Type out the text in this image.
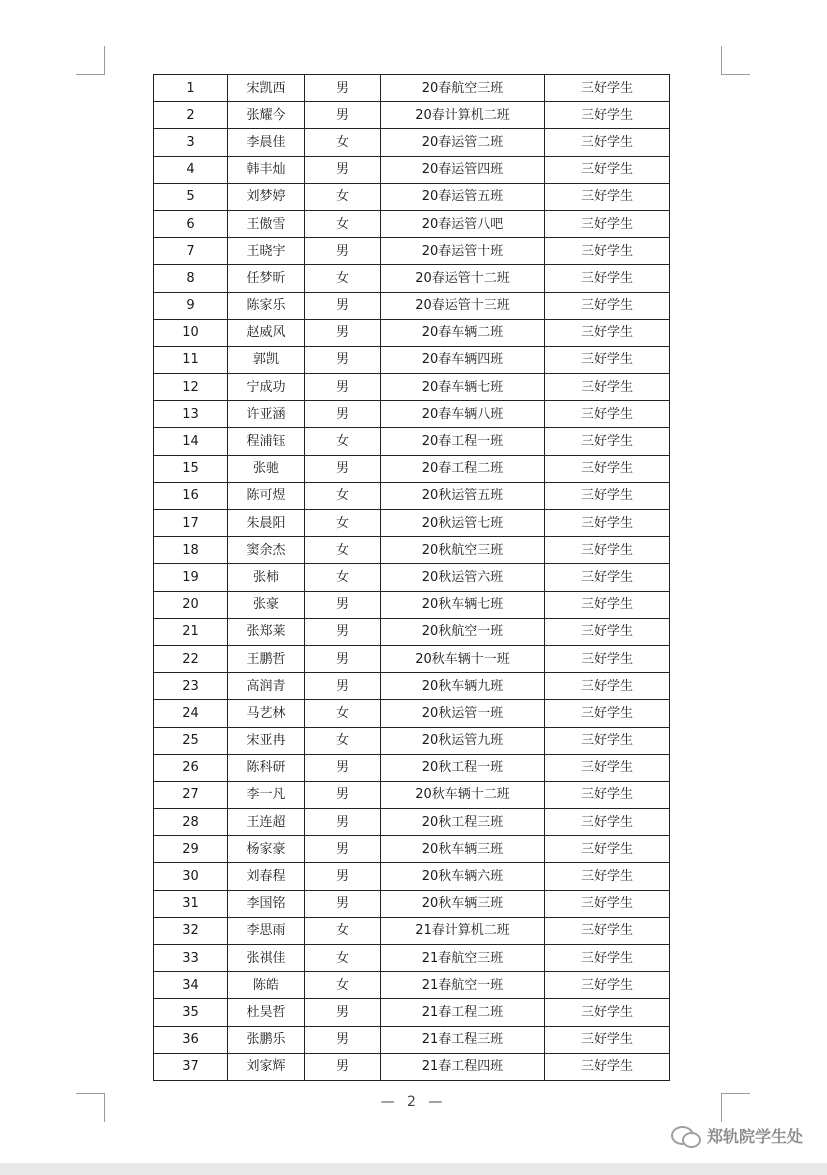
1	宋凯西	男	20春航空三班	三好学生
2	张耀今	男	20春计算机二班	三好学生
3	李晨佳	女	20春运管二班	三好学生
4	韩丰灿	男	20春运管四班	三好学生
5	刘梦婷	女	20春运管五班	三好学生
6	王傲雪	女	20春运管八吧	三好学生
7	王晓宇	男	20春运管十班	三好学生
8	任梦昕	女	20春运管十二班	三好学生
9	陈家乐	男	20春运管十三班	三好学生
10	赵威风	男	20春车辆二班	三好学生
11	郭凯	男	20春车辆四班	三好学生
12	宁成功	男	20春车辆七班	三好学生
13	许亚涵	男	20春车辆八班	三好学生
14	程浦钰	女	20春工程一班	三好学生
15	张驰	男	20春工程二班	三好学生
16	陈可煜	女	20秋运管五班	三好学生
17	朱晨阳	女	20秋运管七班	三好学生
18	窦余杰	女	20秋航空三班	三好学生
19	张柿	女	20秋运管六班	三好学生
20	张豪	男	20秋车辆七班	三好学生
21	张郑莱	男	20秋航空一班	三好学生
22	王鹏哲	男	20秋车辆十一班	三好学生
23	高润青	男	20秋车辆九班	三好学生
24	马艺林	女	20秋运管一班	三好学生
25	宋亚冉	女	20秋运管九班	三好学生
26	陈科研	男	20秋工程一班	三好学生
27	李一凡	男	20秋车辆十二班	三好学生
28	王连超	男	20秋工程三班	三好学生
29	杨家豪	男	20秋车辆三班	三好学生
30	刘春程	男	20秋车辆六班	三好学生
31	李国铭	男	20秋车辆三班	三好学生
32	李思雨	女	21春计算机二班	三好学生
33	张祺佳	女	21春航空三班	三好学生
34	陈皓	女	21春航空一班	三好学生
35	杜昊哲	男	21春工程二班	三好学生
36	张鹏乐	男	21春工程三班	三好学生
37	刘家辉	男	21春工程四班	三好学生
— 2 —
郑轨院学生处
